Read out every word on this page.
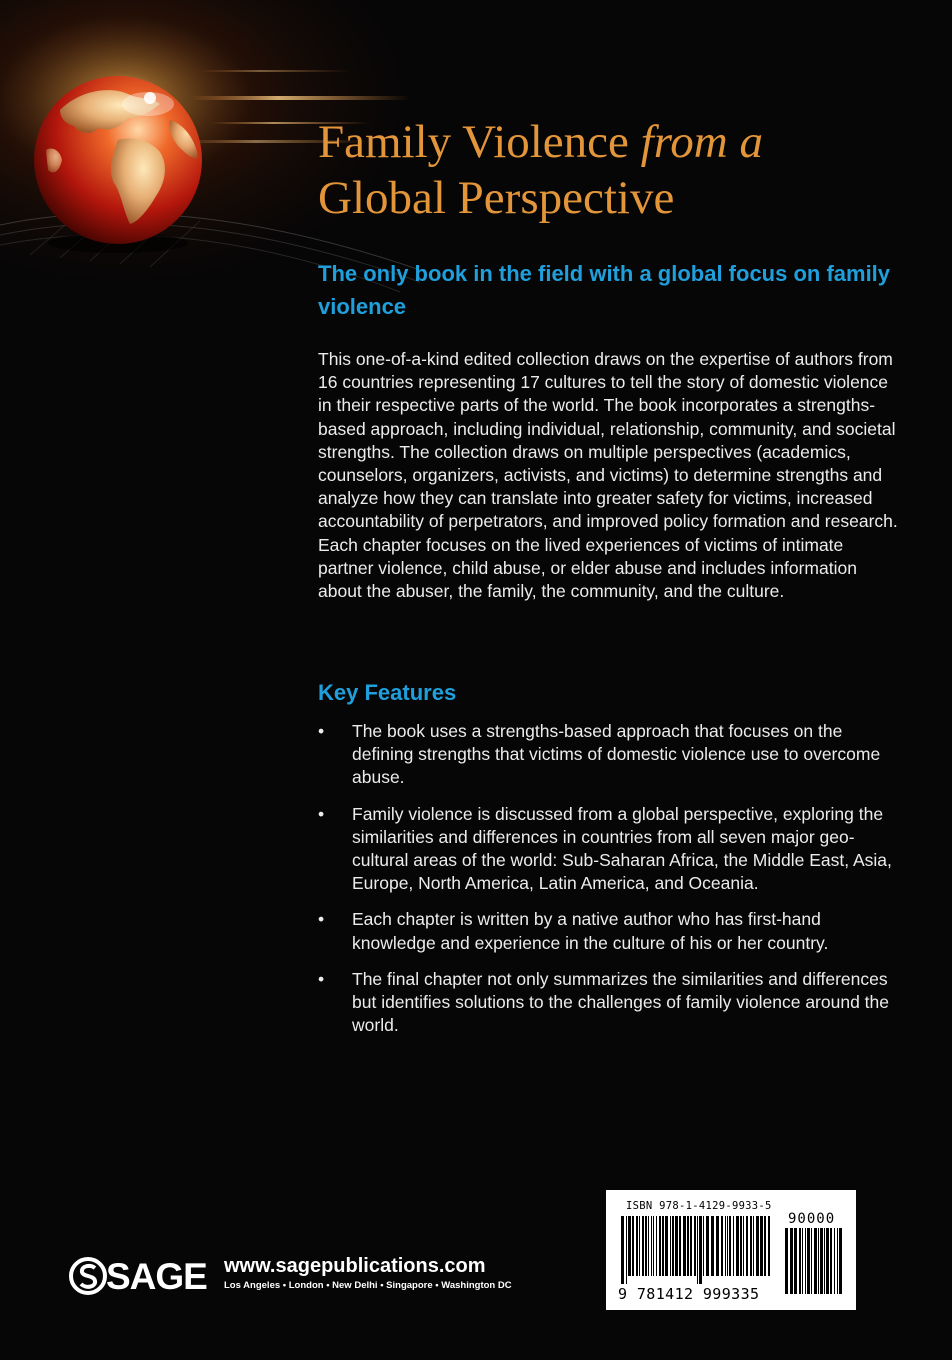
Family Violence from a
Global Perspective
The only book in the field with a global focus on family violence

This one-of-a-kind edited collection draws on the expertise of authors from 16 countries representing 17 cultures to tell the story of domestic violence in their respective parts of the world. The book incorporates a strengths-based approach, including individual, relationship, community, and societal strengths. The collection draws on multiple perspectives (academics, counselors, organizers, activists, and victims) to determine strengths and analyze how they can translate into greater safety for victims, increased accountability of perpetrators, and improved policy formation and research. Each chapter focuses on the lived experiences of victims of intimate partner violence, child abuse, or elder abuse and includes information about the abuser, the family, the community, and the culture.

Key Features
• The book uses a strengths-based approach that focuses on the defining strengths that victims of domestic violence use to overcome abuse.
• Family violence is discussed from a global perspective, exploring the similarities and differences in countries from all seven major geo-cultural areas of the world: Sub-Saharan Africa, the Middle East, Asia, Europe, North America, Latin America, and Oceania.
• Each chapter is written by a native author who has first-hand knowledge and experience in the culture of his or her country.
• The final chapter not only summarizes the similarities and differences but identifies solutions to the challenges of family violence around the world.
SAGE www.sagepublications.com
Los Angeles • London • New Delhi • Singapore • Washington DC
ISBN 978-1-4129-9933-5
90000
9 781412 999335
